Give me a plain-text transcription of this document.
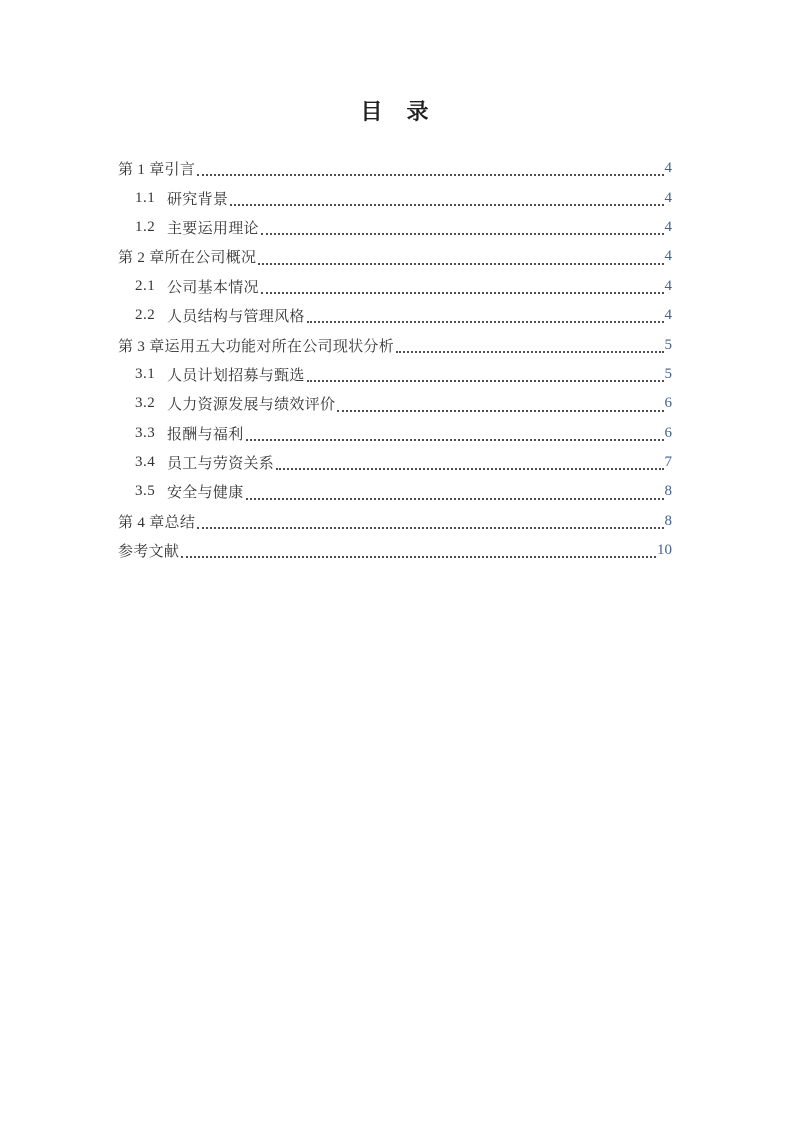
目　录
第 1 章 引言	4
1.1 研究背景	4
1.2 主要运用理论	4
第 2 章 所在公司概况	4
2.1 公司基本情况	4
2.2 人员结构与管理风格	4
第 3 章 运用五大功能对所在公司现状分析	5
3.1 人员计划招募与甄选	5
3.2 人力资源发展与绩效评价	6
3.3 报酬与福利	6
3.4 员工与劳资关系	7
3.5 安全与健康	8
第 4 章 总结	8
参考文献	10
